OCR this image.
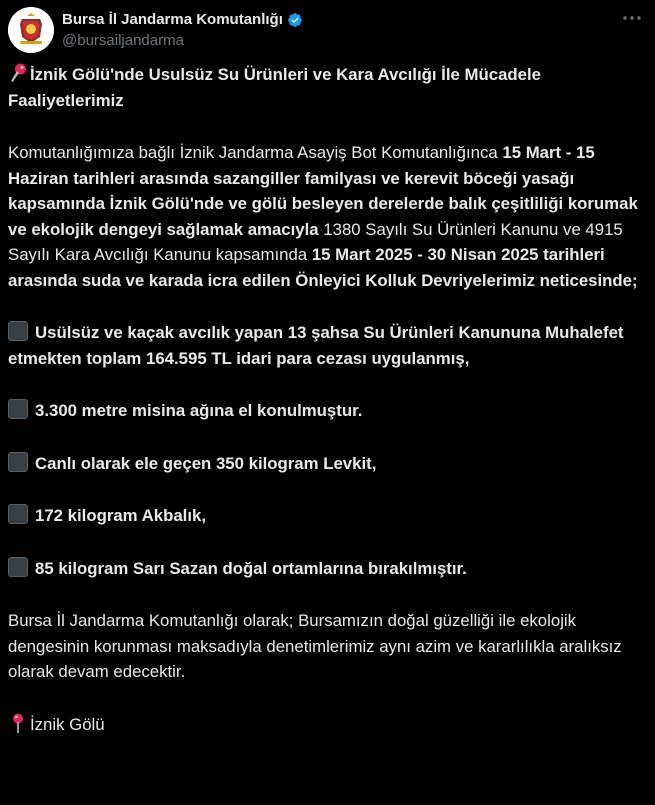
Bursa İl Jandarma Komutanlığı
@bursailjandarma

İznik Gölü'nde Usulsüz Su Ürünleri ve Kara Avcılığı İle Mücadele Faaliyetlerimiz

Komutanlığımıza bağlı İznik Jandarma Asayiş Bot Komutanlığınca 15 Mart - 15 Haziran tarihleri arasında sazangiller familyası ve kerevit böceği yasağı kapsamında İznik Gölü'nde ve gölü besleyen derelerde balık çeşitliliği korumak ve ekolojik dengeyi sağlamak amacıyla 1380 Sayılı Su Ürünleri Kanunu ve 4915 Sayılı Kara Avcılığı Kanunu kapsamında 15 Mart 2025 - 30 Nisan 2025 tarihleri arasında suda ve karada icra edilen Önleyici Kolluk Devriyelerimiz neticesinde;

Usülsüz ve kaçak avcılık yapan 13 şahsa Su Ürünleri Kanununa Muhalefet etmekten toplam 164.595 TL idari para cezası uygulanmış,

3.300 metre misina ağına el konulmuştur.

Canlı olarak ele geçen 350 kilogram Levkit,

172 kilogram Akbalık,

85 kilogram Sarı Sazan doğal ortamlarına bırakılmıştır.

Bursa İl Jandarma Komutanlığı olarak; Bursamızın doğal güzelliği ile ekolojik dengesinin korunması maksadıyla denetimlerimiz aynı azim ve kararlılıkla aralıksız olarak devam edecektir.

İznik Gölü
